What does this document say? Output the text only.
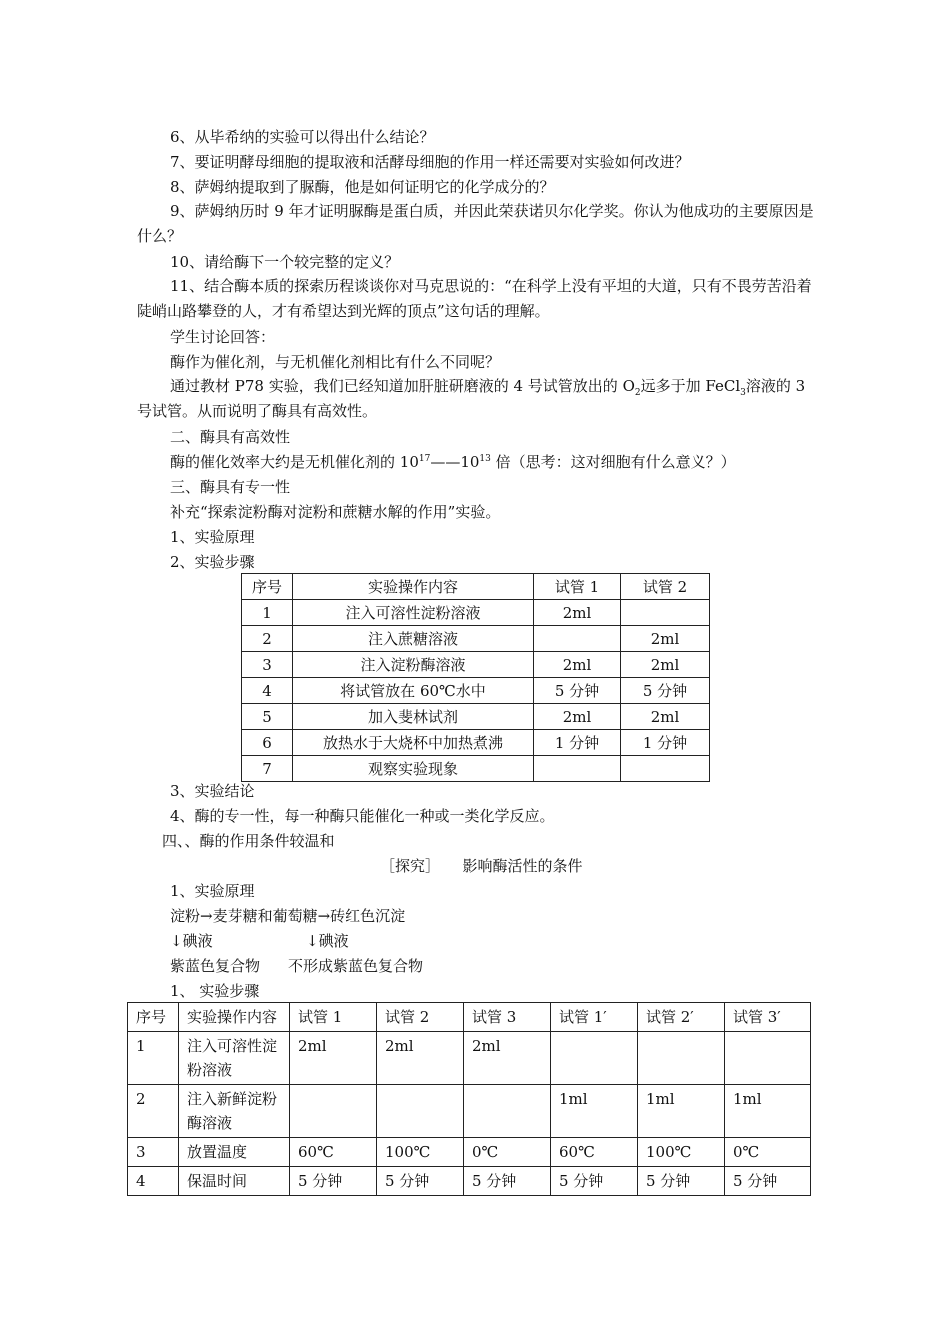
6、从毕希纳的实验可以得出什么结论？
7、要证明酵母细胞的提取液和活酵母细胞的作用一样还需要对实验如何改进？
8、萨姆纳提取到了脲酶，他是如何证明它的化学成分的？
9、萨姆纳历时 9 年才证明脲酶是蛋白质，并因此荣获诺贝尔化学奖。你认为他成功的主要原因是什么？
10、请给酶下一个较完整的定义？
11、结合酶本质的探索历程谈谈你对马克思说的：“在科学上没有平坦的大道，只有不畏劳苦沿着陡峭山路攀登的人，才有希望达到光辉的顶点”这句话的理解。
学生讨论回答：
酶作为催化剂，与无机催化剂相比有什么不同呢？
通过教材 P78 实验，我们已经知道加肝脏研磨液的 4 号试管放出的 $O_2$远多于加 FeCl$_3$溶液的 3 号试管。从而说明了酶具有高效性。
二、酶具有高效性
酶的催化效率大约是无机催化剂的 $10^{17}——10^{13}$ 倍（思考：这对细胞有什么意义？）
三、酶具有专一性
补充“探索淀粉酶对淀粉和蔗糖水解的作用”实验。
1、实验原理
2、实验步骤
序号	实验操作内容	试管 1	试管 2
1	注入可溶性淀粉溶液	2ml	
2	注入蔗糖溶液		2ml
3	注入淀粉酶溶液	2ml	2ml
4	将试管放在 60℃水中	5 分钟	5 分钟
5	加入斐林试剂	2ml	2ml
6	放热水于大烧杯中加热煮沸	1 分钟	1 分钟
7	观察实验现象		
3、实验结论
4、酶的专一性，每一种酶只能催化一种或一类化学反应。
四、、酶的作用条件较温和
［探究］　　影响酶活性的条件
1、实验原理
淀粉→麦芽糖和葡萄糖→砖红色沉淀
↓碘液	↓碘液
紫蓝色复合物	不形成紫蓝色复合物
1、 实验步骤
序号	实验操作内容	试管 1	试管 2	试管 3	试管 1′	试管 2′	试管 3′
1	注入可溶性淀粉溶液	2ml	2ml	2ml			
2	注入新鲜淀粉酶溶液				1ml	1ml	1ml
3	放置温度	60℃	100℃	0℃	60℃	100℃	0℃
4	保温时间	5 分钟	5 分钟	5 分钟	5 分钟	5 分钟	5 分钟
